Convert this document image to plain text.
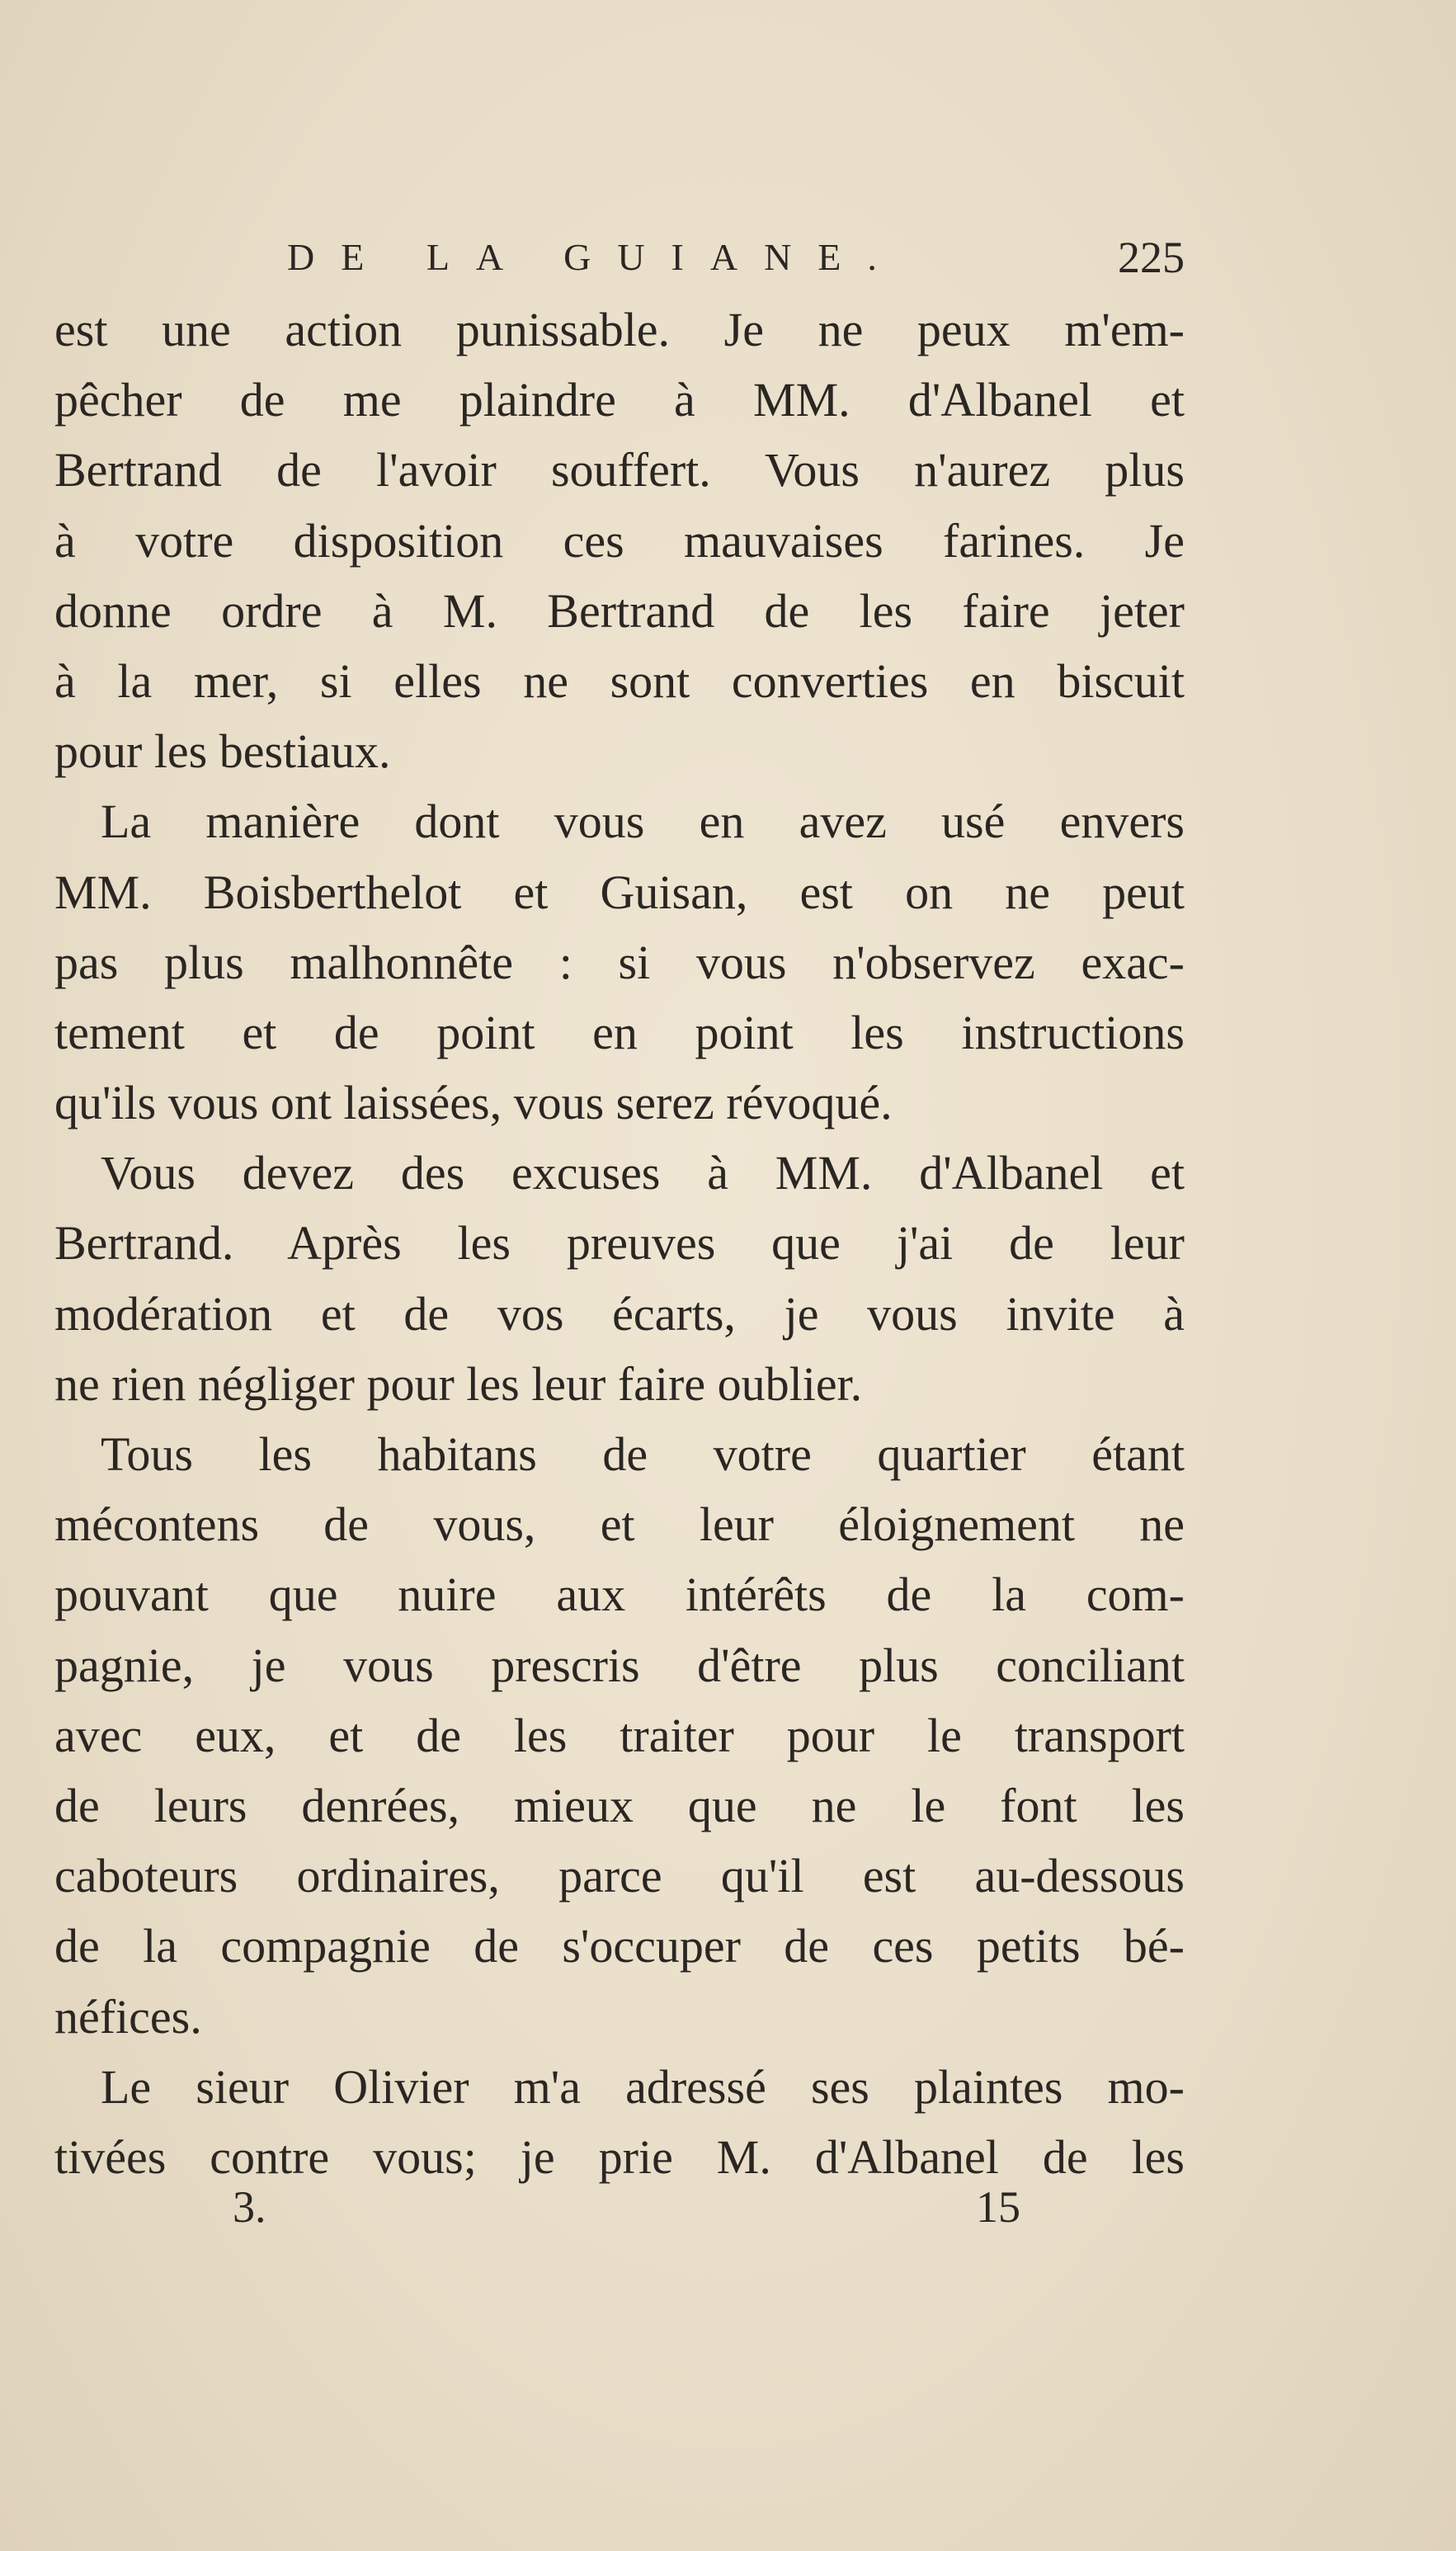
DE LA GUIANE.	225
est une action punissable. Je ne peux m'em-
pêcher de me plaindre à MM. d'Albanel et
Bertrand de l'avoir souffert. Vous n'aurez plus
à votre disposition ces mauvaises farines. Je
donne ordre à M. Bertrand de les faire jeter
à la mer, si elles ne sont converties en biscuit
pour les bestiaux.
La manière dont vous en avez usé envers
MM. Boisberthelot et Guisan, est on ne peut
pas plus malhonnête : si vous n'observez exac-
tement et de point en point les instructions
qu'ils vous ont laissées, vous serez révoqué.
Vous devez des excuses à MM. d'Albanel et
Bertrand. Après les preuves que j'ai de leur
modération et de vos écarts, je vous invite à
ne rien négliger pour les leur faire oublier.
Tous les habitans de votre quartier étant
mécontens de vous, et leur éloignement ne
pouvant que nuire aux intérêts de la com-
pagnie, je vous prescris d'être plus conciliant
avec eux, et de les traiter pour le transport
de leurs denrées, mieux que ne le font les
caboteurs ordinaires, parce qu'il est au-dessous
de la compagnie de s'occuper de ces petits bé-
néfices.
Le sieur Olivier m'a adressé ses plaintes mo-
tivées contre vous; je prie M. d'Albanel de les
3.	15
